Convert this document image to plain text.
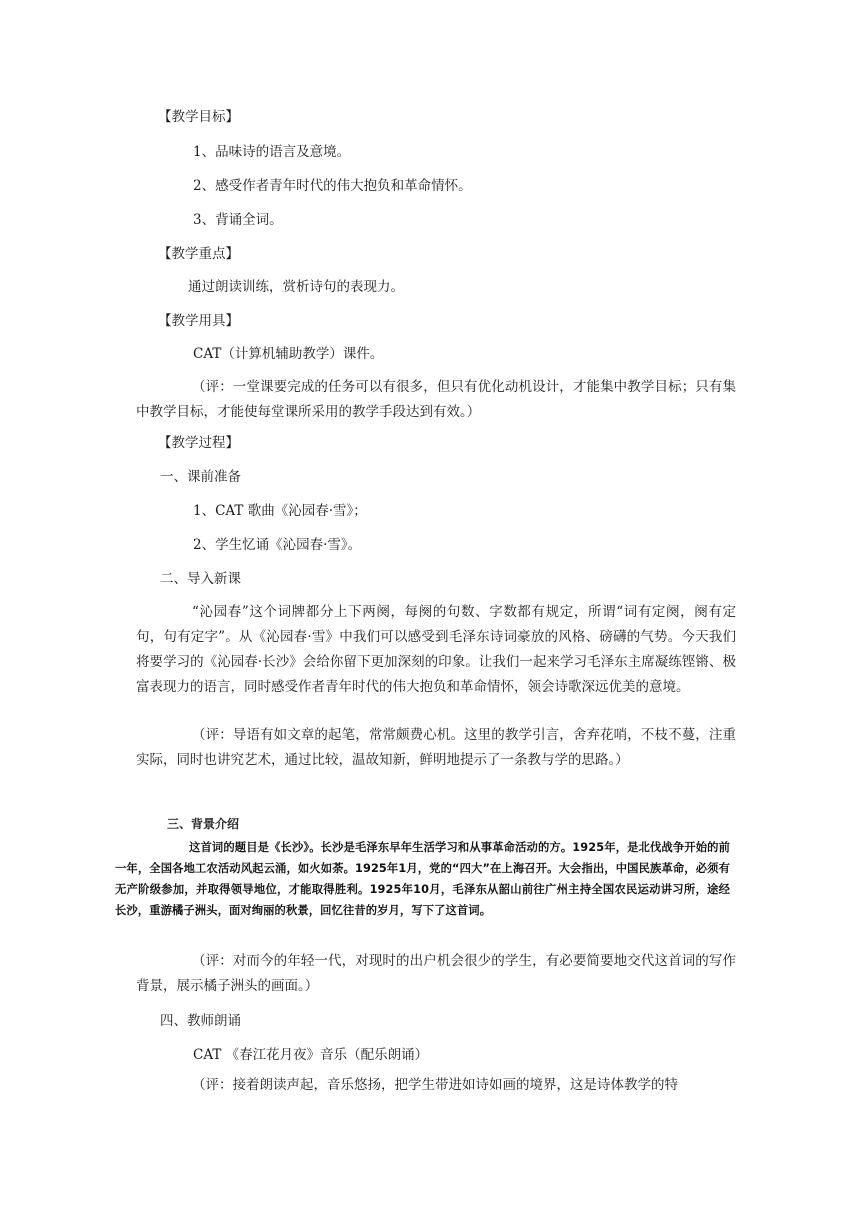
【教学目标】
1、品味诗的语言及意境。
2、感受作者青年时代的伟大抱负和革命情怀。
3、背诵全词。
【教学重点】
通过朗读训练，赏析诗句的表现力。
【教学用具】
CAT（计算机辅助教学）课件。
（评：一堂课要完成的任务可以有很多，但只有优化动机设计，才能集中教学目标；只有集中教学目标，才能使每堂课所采用的教学手段达到有效。）
【教学过程】
一、课前准备
1、CAT 歌曲《沁园春·雪》；
2、学生忆诵《沁园春·雪》。
二、导入新课
“沁园春”这个词牌都分上下两阕，每阕的句数、字数都有规定，所谓“词有定阕，阕有定句，句有定字”。从《沁园春·雪》中我们可以感受到毛泽东诗词豪放的风格、磅礴的气势。今天我们将要学习的《沁园春·长沙》会给你留下更加深刻的印象。让我们一起来学习毛泽东主席凝练铿锵、极富表现力的语言，同时感受作者青年时代的伟大抱负和革命情怀，领会诗歌深远优美的意境。
（评：导语有如文章的起笔，常常颇费心机。这里的教学引言，舍弃花哨，不枝不蔓，注重实际，同时也讲究艺术，通过比较，温故知新，鲜明地提示了一条教与学的思路。）
三、背景介绍
这首词的题目是《长沙》。长沙是毛泽东早年生活学习和从事革命活动的方。1925年，是北伐战争开始的前一年，全国各地工农活动风起云涌，如火如荼。1925年1月，党的“四大”在上海召开。大会指出，中国民族革命，必须有无产阶级参加，并取得领导地位，才能取得胜利。1925年10月，毛泽东从韶山前往广州主持全国农民运动讲习所，途经长沙，重游橘子洲头，面对绚丽的秋景，回忆往昔的岁月，写下了这首词。
（评：对而今的年轻一代，对现时的出户机会很少的学生，有必要简要地交代这首词的写作背景，展示橘子洲头的画面。）
四、教师朗诵
CAT 《春江花月夜》音乐（配乐朗诵）
（评：接着朗读声起，音乐悠扬，把学生带进如诗如画的境界，这是诗体教学的特
